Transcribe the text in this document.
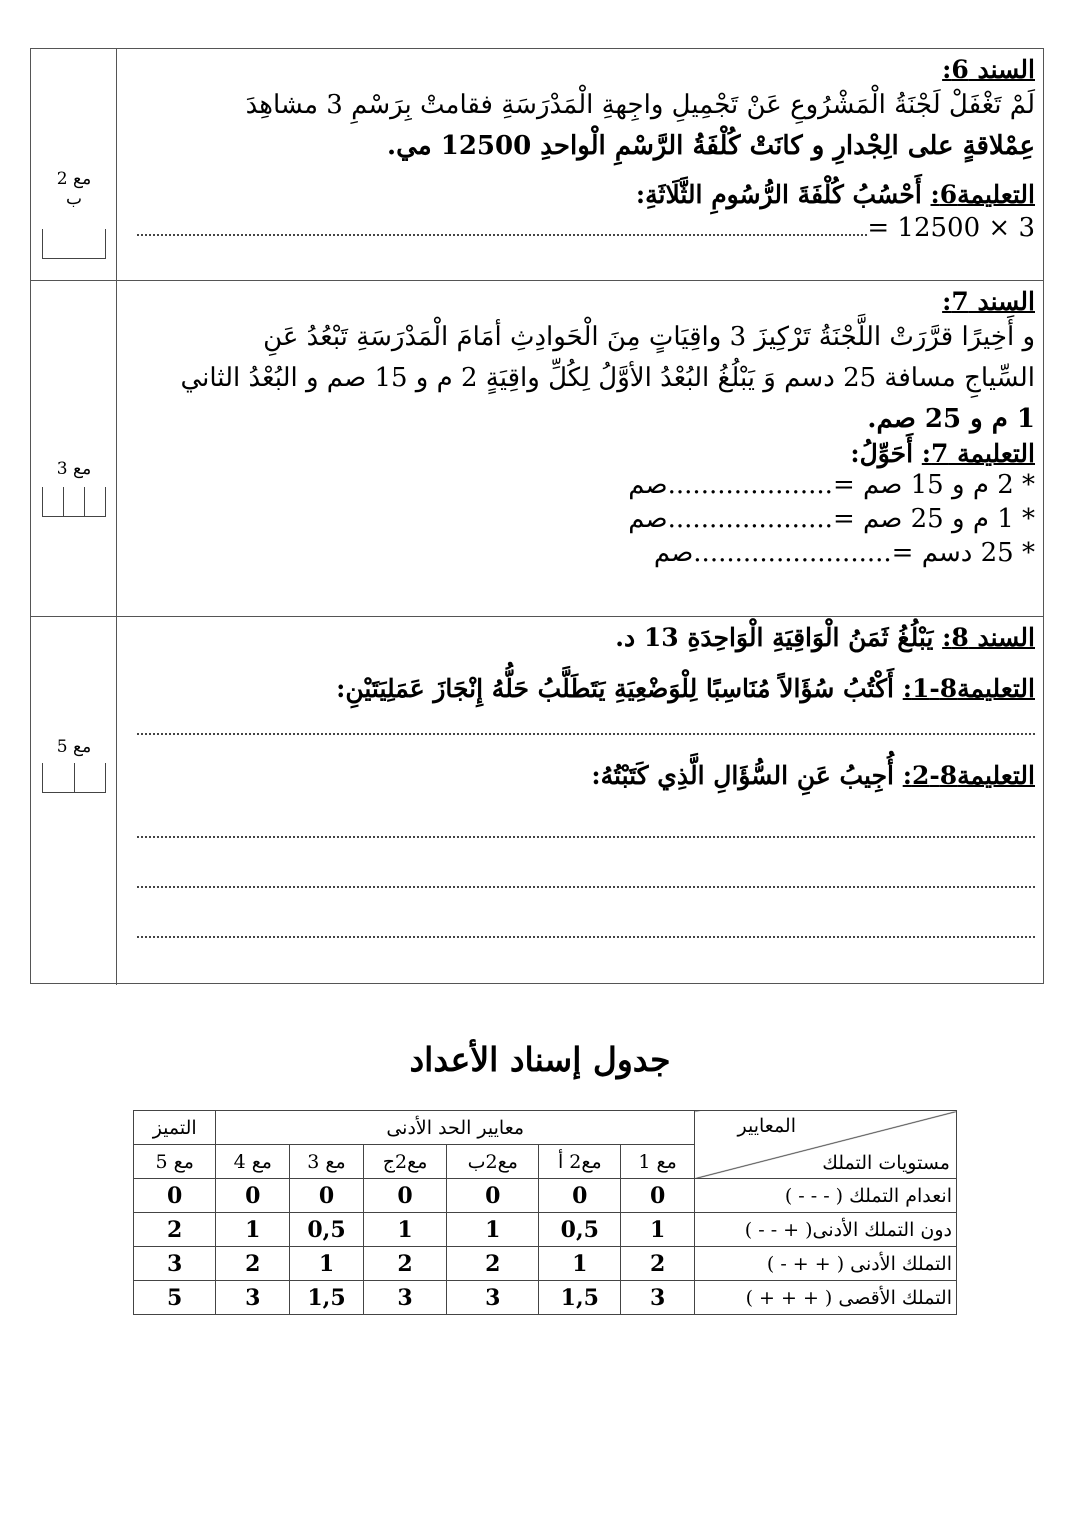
السند 6:
لَمْ تَغْفَلْ لَجْنَةُ الْمَشْرُوعِ عَنْ تَجْمِيلِ واجِهةِ الْمَدْرَسَةِ فقامتْ بِرَسْمِ 3 مشاهِدَ
عِمْلاقةٍ على الِجْدارِ و كانَتْ كُلْفَةُ الرَّسْمِ الْواحدِ 12500 مي.
التعليمة6: أَحْسُبُ كُلْفَةَ الرُّسُومِ الثَّلَاثَةِ:
3 × 12500 =
مع 2
ب
السند 7:
و أَخِيرًا قرَّرَتْ اللَّجْنَةُ تَرْكِيزَ 3 واقِيَاتٍ مِنَ الْحَوادِثِ أمَامَ الْمَدْرَسَةِ تَبْعُدُ عَنِ
السِّياجِ مسافة 25 دسم وَ يَبْلُغُ البُعْدُ الأوَّلُ لِكُلِّ واقِيَةٍ 2 م و 15 صم و البُعْدُ الثاني
1 م و 25 صم.
التعليمة 7: أَحَوِّلُ:
* 2 م و 15 صم =....................صم
* 1 م و 25 صم =....................صم
* 25 دسم =........................صم
مع 3
السند 8: يَبْلُغُ ثَمَنُ الْوَاقِيَةِ الْوَاحِدَةِ 13 د.
التعليمة8-1: أَكْتُبُ سُؤَالاً مُنَاسِبًا لِلْوَضْعِيَةِ يَتَطَلَّبُ حَلُّهُ إِنْجَازَ عَمَلِيَتَيْنِ:
التعليمة8-2: أُجِيبُ عَنِ السُّؤَالِ الَّذِي كَتَبْتُهُ:
مع 5
جدول إسناد الأعداد
مستويات التملك
المعايير	معايير الحد الأدنى						التميز
	مع 1	مع2 أ	مع2ب	مع2ج	مع 3	مع 4	مع 5
انعدام التملك ( - - - )	0	0	0	0	0	0	0
دون التملك الأدنى( + - - )	1	0,5	1	1	0,5	1	2
التملك الأدنى ( + + - )	2	1	2	2	1	2	3
التملك الأقصى ( + + + )	3	1,5	3	3	1,5	3	5
